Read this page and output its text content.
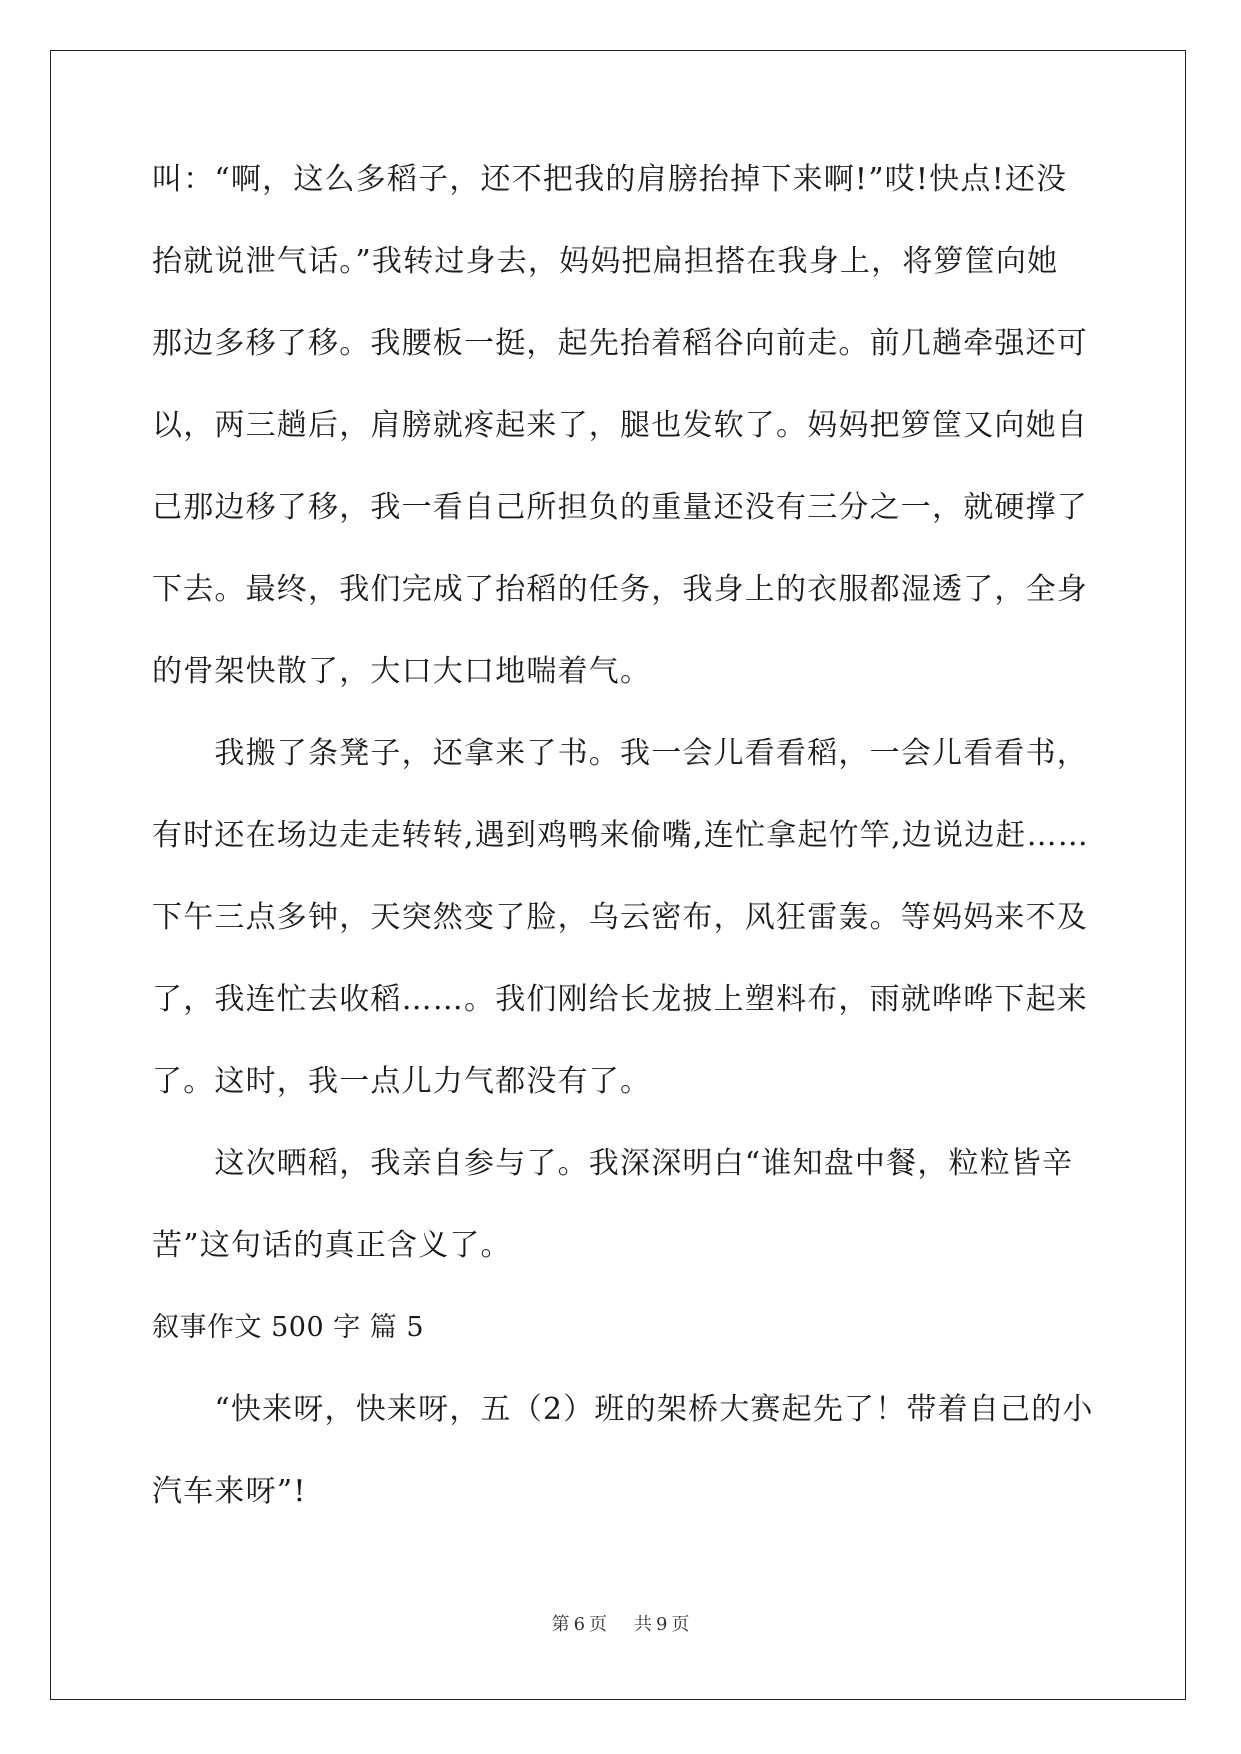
叫：“啊，这么多稻子，还不把我的肩膀抬掉下来啊!”哎!快点!还没
抬就说泄气话。”我转过身去，妈妈把扁担搭在我身上，将箩筐向她
那边多移了移。我腰板一挺，起先抬着稻谷向前走。前几趟牵强还可
以，两三趟后，肩膀就疼起来了，腿也发软了。妈妈把箩筐又向她自
己那边移了移，我一看自己所担负的重量还没有三分之一，就硬撑了
下去。最终，我们完成了抬稻的任务，我身上的衣服都湿透了，全身
的骨架快散了，大口大口地喘着气。
　　我搬了条凳子，还拿来了书。我一会儿看看稻，一会儿看看书，
有时还在场边走走转转,遇到鸡鸭来偷嘴,连忙拿起竹竿,边说边赶……
下午三点多钟，天突然变了脸，乌云密布，风狂雷轰。等妈妈来不及
了，我连忙去收稻……。我们刚给长龙披上塑料布，雨就哗哗下起来
了。这时，我一点儿力气都没有了。
　　这次晒稻，我亲自参与了。我深深明白“谁知盘中餐，粒粒皆辛
苦”这句话的真正含义了。
叙事作文 500 字 篇 5
　　“快来呀，快来呀，五（2）班的架桥大赛起先了！带着自己的小
汽车来呀”!
第 6 页 共 9 页
